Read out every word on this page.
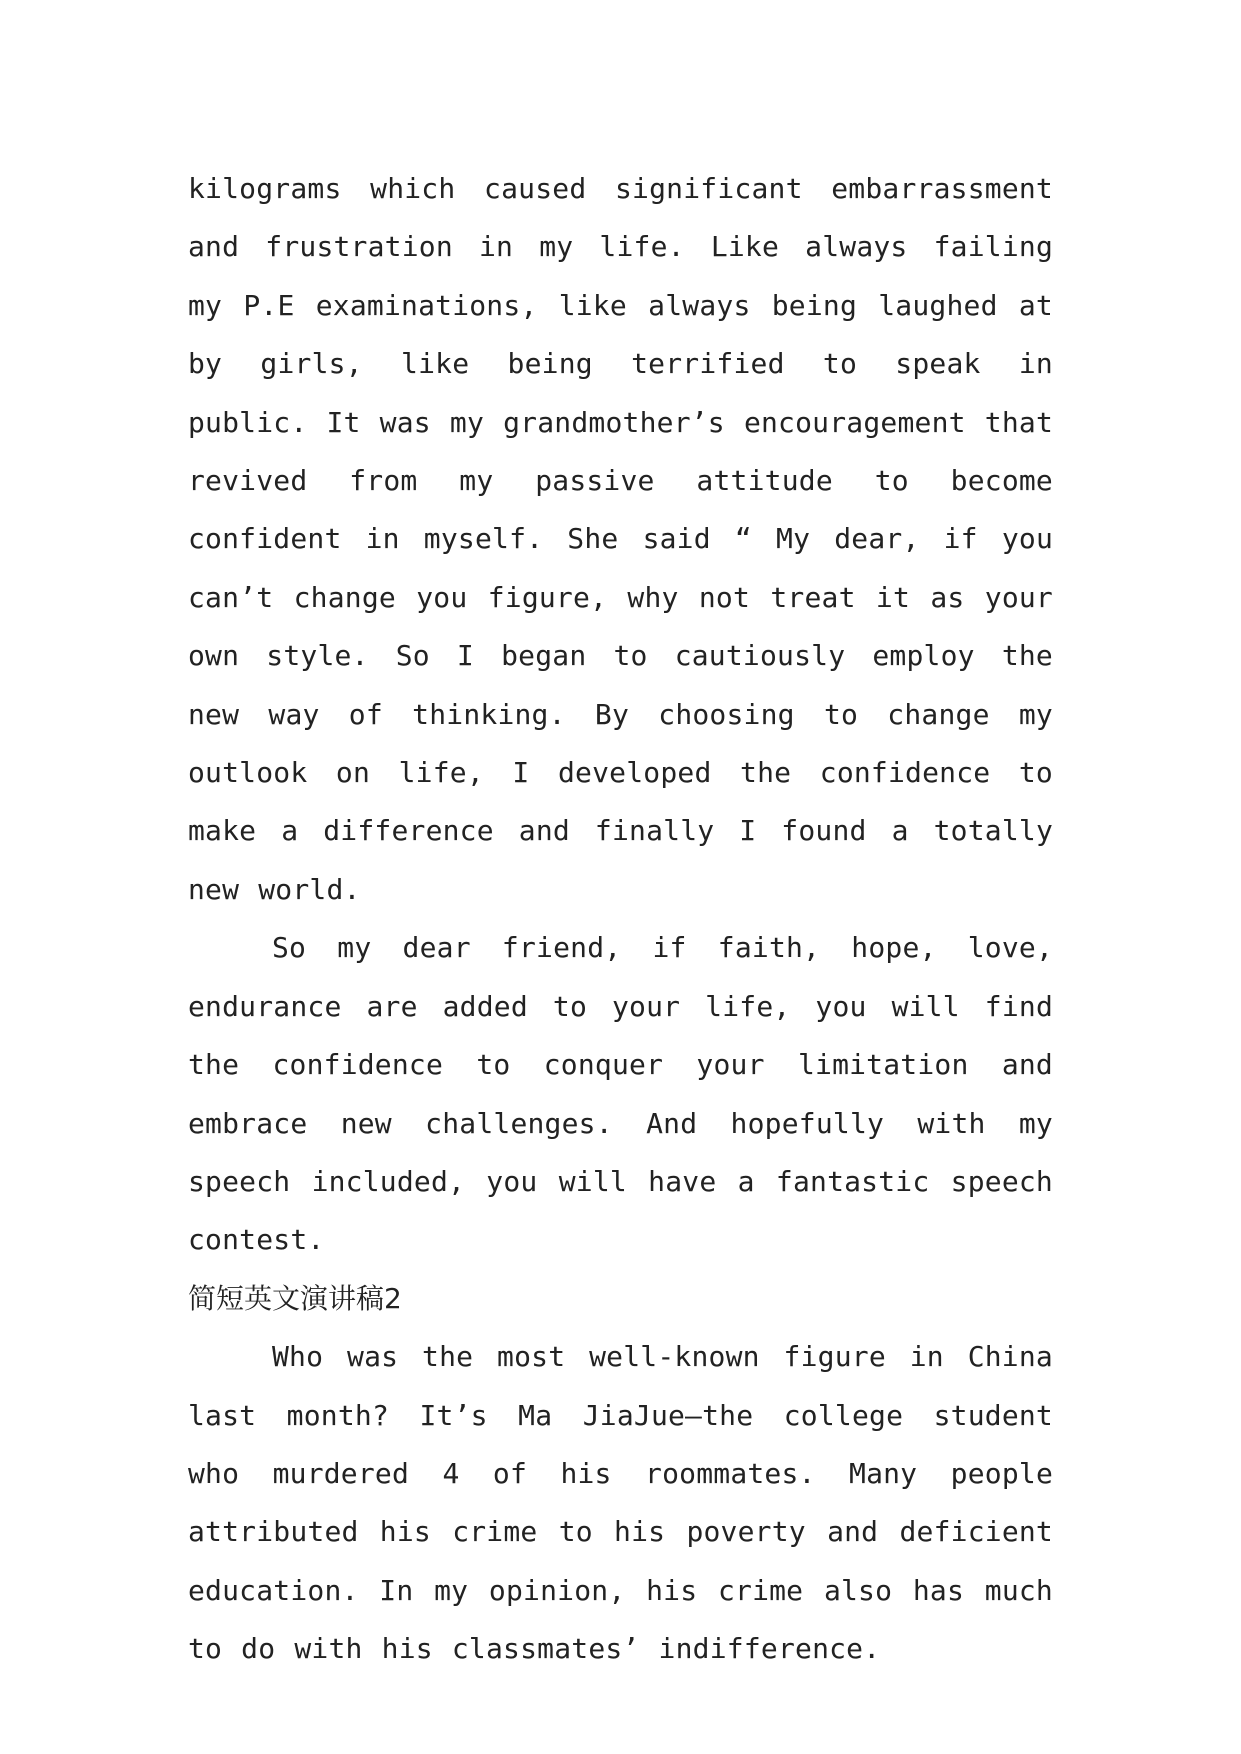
kilograms which caused significant embarrassment and frustration in my life. Like always failing my P.E examinations, like always being laughed at by girls, like being terrified to speak in public. It was my grandmother’s encouragement that revived from my passive attitude to become confident in myself. She said “ My dear, if you can’t change you figure, why not treat it as your own style. So I began to cautiously employ the new way of thinking. By choosing to change my outlook on life, I developed the confidence to make a difference and finally I found a totally new world.

So my dear friend, if faith, hope, love, endurance are added to your life, you will find the confidence to conquer your limitation and embrace new challenges. And hopefully with my speech included, you will have a fantastic speech contest.

简短英文演讲稿2

Who was the most well-known figure in China last month? It’s Ma JiaJue—the college student who murdered 4 of his roommates. Many people attributed his crime to his poverty and deficient education. In my opinion, his crime also has much to do with his classmates’ indifference.
